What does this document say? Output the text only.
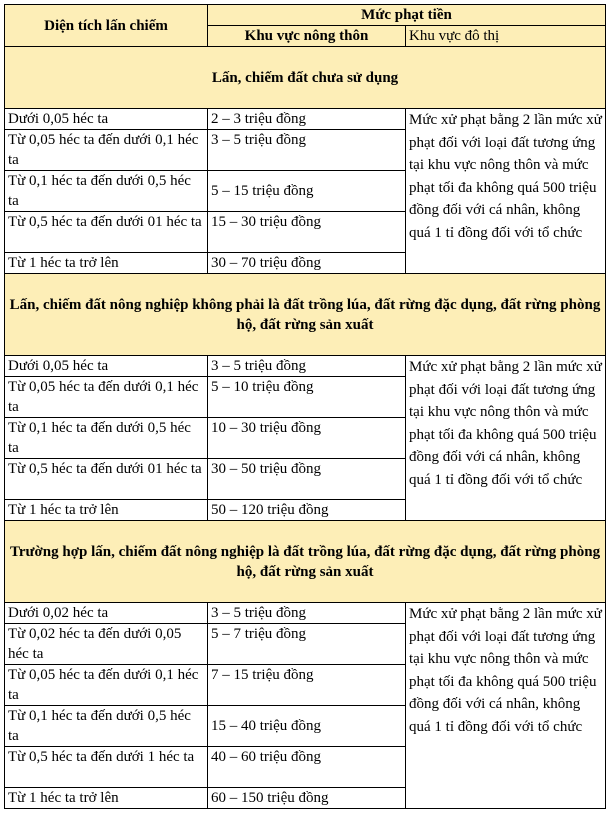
Diện tích lấn chiếm	Mức phạt tiền	
	Khu vực nông thôn	Khu vực đô thị
Lấn, chiếm đất chưa sử dụng		
Dưới 0,05 héc ta	2 – 3 triệu đồng	Mức xử phạt bằng 2 lần mức xử phạt đối với loại đất tương ứng tại khu vực nông thôn và mức phạt tối đa không quá 500 triệu đồng đối với cá nhân, không quá 1 tỉ đồng đối với tổ chức
Từ 0,05 héc ta đến dưới 0,1 héc ta	3 – 5 triệu đồng	
Từ 0,1 héc ta đến dưới 0,5 héc ta	5 – 15 triệu đồng	
Từ 0,5 héc ta đến dưới 01 héc ta	15 – 30 triệu đồng	
Từ 1 héc ta trở lên	30 – 70 triệu đồng	
Lấn, chiếm đất nông nghiệp không phải là đất trồng lúa, đất rừng đặc dụng, đất rừng phòng hộ, đất rừng sản xuất		
Dưới 0,05 héc ta	3 – 5 triệu đồng	Mức xử phạt bằng 2 lần mức xử phạt đối với loại đất tương ứng tại khu vực nông thôn và mức phạt tối đa không quá 500 triệu đồng đối với cá nhân, không quá 1 tỉ đồng đối với tổ chức
Từ 0,05 héc ta đến dưới 0,1 héc ta	5 – 10 triệu đồng	
Từ 0,1 héc ta đến dưới 0,5 héc ta	10 – 30 triệu đồng	
Từ 0,5 héc ta đến dưới 01 héc ta	30 – 50 triệu đồng	
Từ 1 héc ta trở lên	50 – 120 triệu đồng	
Trường hợp lấn, chiếm đất nông nghiệp là đất trồng lúa, đất rừng đặc dụng, đất rừng phòng hộ, đất rừng sản xuất		
Dưới 0,02 héc ta	3 – 5 triệu đồng	Mức xử phạt bằng 2 lần mức xử phạt đối với loại đất tương ứng tại khu vực nông thôn và mức phạt tối đa không quá 500 triệu đồng đối với cá nhân, không quá 1 tỉ đồng đối với tổ chức
Từ 0,02 héc ta đến dưới 0,05 héc ta	5 – 7 triệu đồng	
Từ 0,05 héc ta đến dưới 0,1 héc ta	7 – 15 triệu đồng	
Từ 0,1 héc ta đến dưới 0,5 héc ta	15 – 40 triệu đồng	
Từ 0,5 héc ta đến dưới 1 héc ta	40 – 60 triệu đồng	
Từ 1 héc ta trở lên	60 – 150 triệu đồng	
